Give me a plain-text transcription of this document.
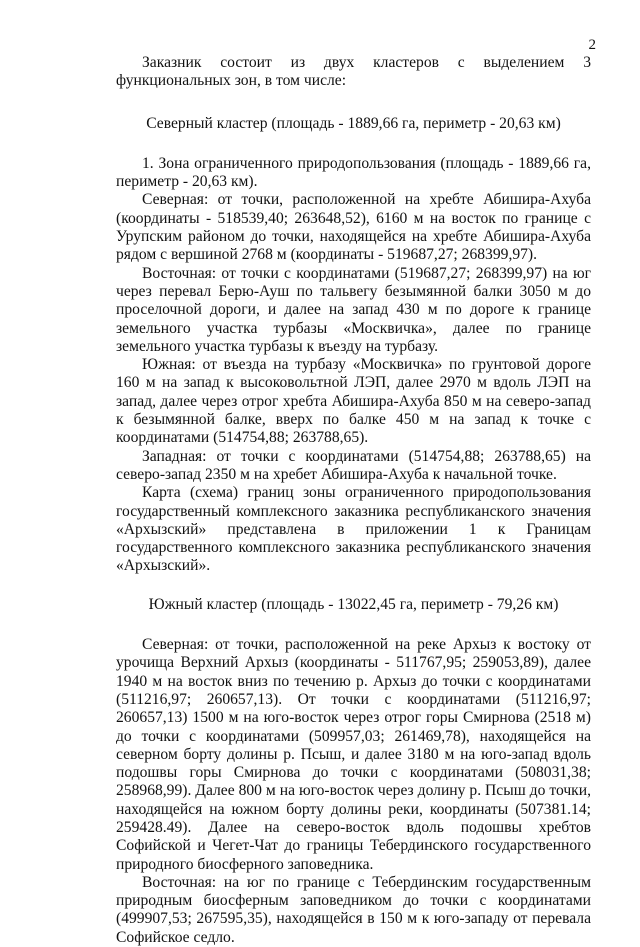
2

Заказник состоит из двух кластеров с выделением 3 функциональных зон, в том числе:

Северный кластер (площадь - 1889,66 га, периметр - 20,63 км)

1. Зона ограниченного природопользования (площадь - 1889,66 га, периметр - 20,63 км).

Северная: от точки, расположенной на хребте Абишира-Ахуба (координаты - 518539,40; 263648,52), 6160 м на восток по границе с Урупским районом до точки, находящейся на хребте Абишира-Ахуба рядом с вершиной 2768 м (координаты - 519687,27; 268399,97).

Восточная: от точки с координатами (519687,27; 268399,97) на юг через перевал Берю-Ауш по тальвегу безымянной балки 3050 м до проселочной дороги, и далее на запад 430 м по дороге к границе земельного участка турбазы «Москвичка», далее по границе земельного участка турбазы к въезду на турбазу.

Южная: от въезда на турбазу «Москвичка» по грунтовой дороге 160 м на запад к высоковольтной ЛЭП, далее 2970 м вдоль ЛЭП на запад, далее через отрог хребта Абишира-Ахуба 850 м на северо-запад к безымянной балке, вверх по балке 450 м на запад к точке с координатами (514754,88; 263788,65).

Западная: от точки с координатами (514754,88; 263788,65) на северо-запад 2350 м на хребет Абишира-Ахуба к начальной точке.

Карта (схема) границ зоны ограниченного природопользования государственный комплексного заказника республиканского значения «Архызский» представлена в приложении 1 к Границам государственного комплексного заказника республиканского значения «Архызский».

Южный кластер (площадь - 13022,45 га, периметр - 79,26 км)

Северная: от точки, расположенной на реке Архыз к востоку от урочища Верхний Архыз (координаты - 511767,95; 259053,89), далее 1940 м на восток вниз по течению р. Архыз до точки с координатами (511216,97; 260657,13). От точки с координатами (511216,97; 260657,13) 1500 м на юго-восток через отрог горы Смирнова (2518 м) до точки с координатами (509957,03; 261469,78), находящейся на северном борту долины р. Псыш, и далее 3180 м на юго-запад вдоль подошвы горы Смирнова до точки с координатами (508031,38; 258968,99). Далее 800 м на юго-восток через долину р. Псыш до точки, находящейся на южном борту долины реки, координаты (507381.14; 259428.49). Далее на северо-восток вдоль подошвы хребтов Софийской и Чегет-Чат до границы Тебердинского государственного природного биосферного заповедника.

Восточная: на юг по границе с Тебердинским государственным природным биосферным заповедником до точки с координатами (499907,53; 267595,35), находящейся в 150 м к юго-западу от перевала Софийское седло.
